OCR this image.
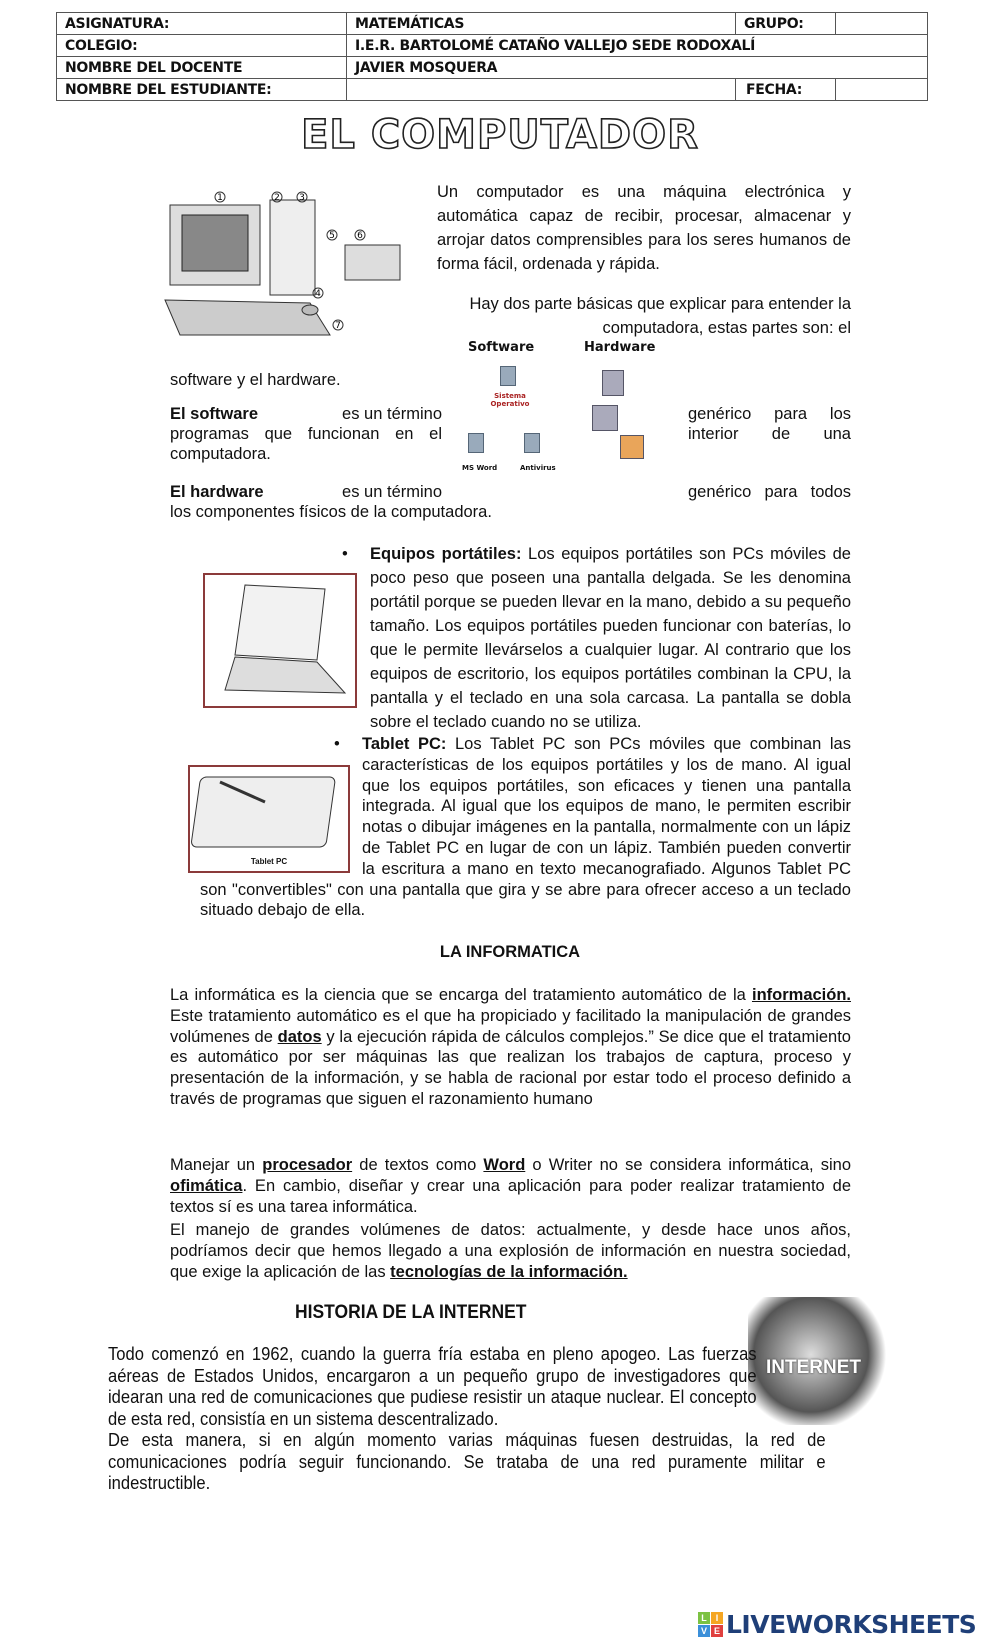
ASIGNATURA:	MATEMÁTICAS	GRUPO:	
COLEGIO:	I.E.R. BARTOLOMÉ CATAÑO VALLEJO SEDE RODOXALÍ		
NOMBRE DEL DOCENTE	JAVIER MOSQUERA		
NOMBRE DEL ESTUDIANTE:		FECHA:	
EL COMPUTADOR
1	2 3
4
5 6
7

Un computador es una máquina electrónica y automática capaz de recibir, procesar, almacenar y arrojar datos comprensibles para los seres humanos de forma fácil, ordenada y rápida.

Hay dos parte básicas que explicar para entender la computadora, estas partes son: el

software y el hardware.

Software	Hardware
Sistema Operativo
MS Word	Antivirus
El software	es un término

programas que funcionan en el

computadora.

genérico para los

interior de una

El hardware	es un término	genérico para todos

los componentes físicos de la computadora.

Equipos portátiles: Los equipos portátiles son PCs móviles de poco peso que poseen una pantalla delgada. Se les denomina portátil porque se pueden llevar en la mano, debido a su pequeño tamaño. Los equipos portátiles pueden funcionar con baterías, lo que le permite llevárselos a cualquier lugar. Al contrario que los equipos de escritorio, los equipos portátiles combinan la CPU, la pantalla y el teclado en una sola carcasa. La pantalla se dobla sobre el teclado cuando no se utiliza.
Tablet PC
Tablet PC: Los Tablet PC son PCs móviles que combinan las características de los equipos portátiles y los de mano. Al igual que los equipos portátiles, son eficaces y tienen una pantalla integrada. Al igual que los equipos de mano, le permiten escribir notas o dibujar imágenes en la pantalla, normalmente con un lápiz de Tablet PC en lugar de con un lápiz. También pueden convertir la escritura a mano en texto mecanografiado. Algunos Tablet PC son "convertibles" con una pantalla que gira y se abre para ofrecer acceso a un teclado situado debajo de ella.
LA INFORMATICA

La informática es la ciencia que se encarga del tratamiento automático de la información. Este tratamiento automático es el que ha propiciado y facilitado la manipulación de grandes volúmenes de datos y la ejecución rápida de cálculos complejos.” Se dice que el tratamiento es automático por ser máquinas las que realizan los trabajos de captura, proceso y presentación de la información, y se habla de racional por estar todo el proceso definido a través de programas que siguen el razonamiento humano

Manejar un procesador de textos como Word o Writer no se considera informática, sino ofimática. En cambio, diseñar y crear una aplicación para poder realizar tratamiento de textos sí es una tarea informática.

El manejo de grandes volúmenes de datos: actualmente, y desde hace unos años, podríamos decir que hemos llegado a una explosión de información en nuestra sociedad, que exige la aplicación de las tecnologías de la información.

HISTORIA DE LA INTERNET
INTERNET

Todo comenzó en 1962, cuando la guerra fría estaba en pleno apogeo. Las fuerzas aéreas de Estados Unidos, encargaron a un pequeño grupo de investigadores que idearan una red de comunicaciones que pudiese resistir un ataque nuclear. El concepto de esta red, consistía en un sistema descentralizado.

De esta manera, si en algún momento varias máquinas fuesen destruidas, la red de comunicaciones podría seguir funcionando. Se trataba de una red puramente militar e indestructible.

L I
V E LIVEWORKSHEETS
